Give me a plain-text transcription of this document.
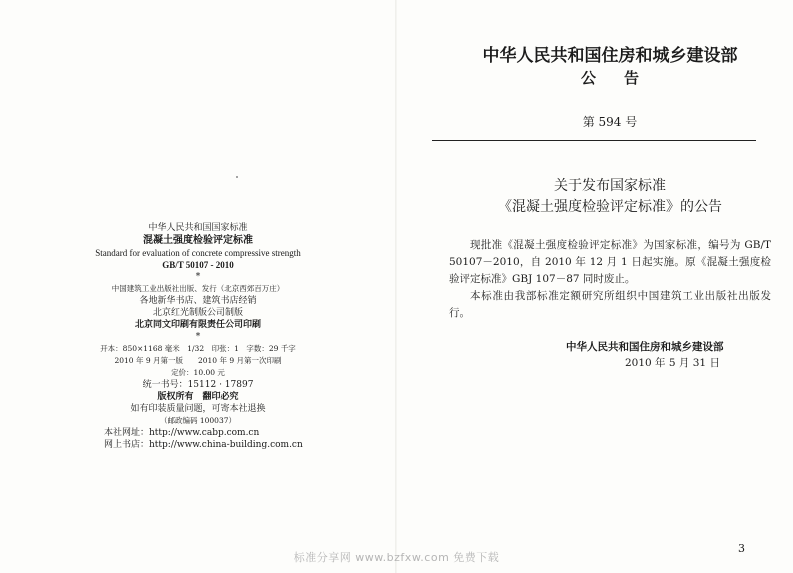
中华人民共和国国家标准
混凝土强度检验评定标准
Standard for evaluation of concrete compressive strength
GB/T 50107 - 2010
*
中国建筑工业出版社出版、发行（北京西郊百万庄）
各地新华书店、建筑书店经销
北京红光制版公司制版
北京同文印刷有限责任公司印刷
*
开本：850×1168 毫米　1/32　印张：1　字数：29 千字
2010 年 9 月第一版　　2010 年 9 月第一次印刷
定价：10.00 元
统一书号：15112 · 17897
版权所有　翻印必究
如有印装质量问题，可寄本社退换
（邮政编码 100037）
本社网址：http://www.cabp.com.cn
网上书店：http://www.china-building.com.cn
中华人民共和国住房和城乡建设部
公告
第 594 号
关于发布国家标准
《混凝土强度检验评定标准》的公告

现批准《混凝土强度检验评定标准》为国家标准，编号为 GB/T 50107－2010，自 2010 年 12 月 1 日起实施。原《混凝土强度检验评定标准》GBJ 107－87 同时废止。

本标准由我部标准定额研究所组织中国建筑工业出版社出版发行。

中华人民共和国住房和城乡建设部
2010 年 5 月 31 日
3
标准分享网 www.bzfxw.com 免费下载
